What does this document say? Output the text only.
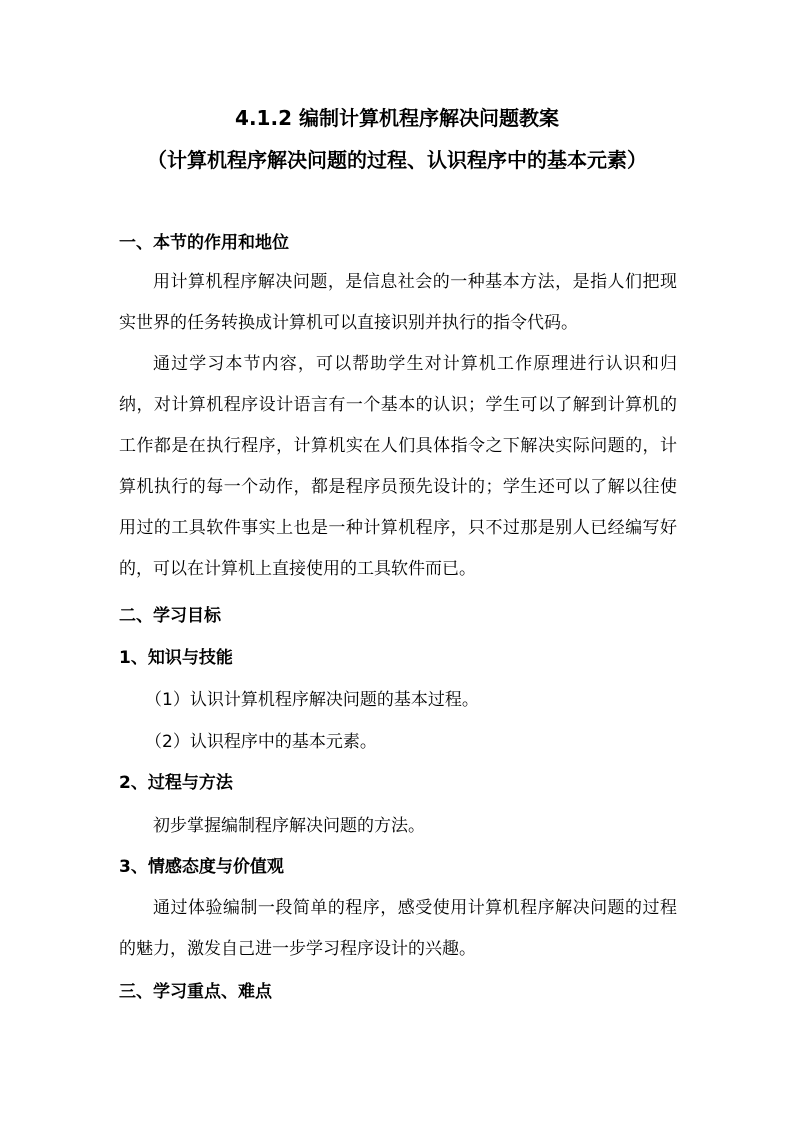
4.1.2 编制计算机程序解决问题教案
（计算机程序解决问题的过程、认识程序中的基本元素）
一、本节的作用和地位
用计算机程序解决问题，是信息社会的一种基本方法，是指人们把现实世界的任务转换成计算机可以直接识别并执行的指令代码。
通过学习本节内容，可以帮助学生对计算机工作原理进行认识和归纳，对计算机程序设计语言有一个基本的认识；学生可以了解到计算机的工作都是在执行程序，计算机实在人们具体指令之下解决实际问题的，计算机执行的每一个动作，都是程序员预先设计的；学生还可以了解以往使用过的工具软件事实上也是一种计算机程序，只不过那是别人已经编写好的，可以在计算机上直接使用的工具软件而已。
二、学习目标
1、知识与技能
（1）认识计算机程序解决问题的基本过程。
（2）认识程序中的基本元素。
2、过程与方法
初步掌握编制程序解决问题的方法。
3、情感态度与价值观
通过体验编制一段简单的程序，感受使用计算机程序解决问题的过程的魅力，激发自己进一步学习程序设计的兴趣。
三、学习重点、难点
